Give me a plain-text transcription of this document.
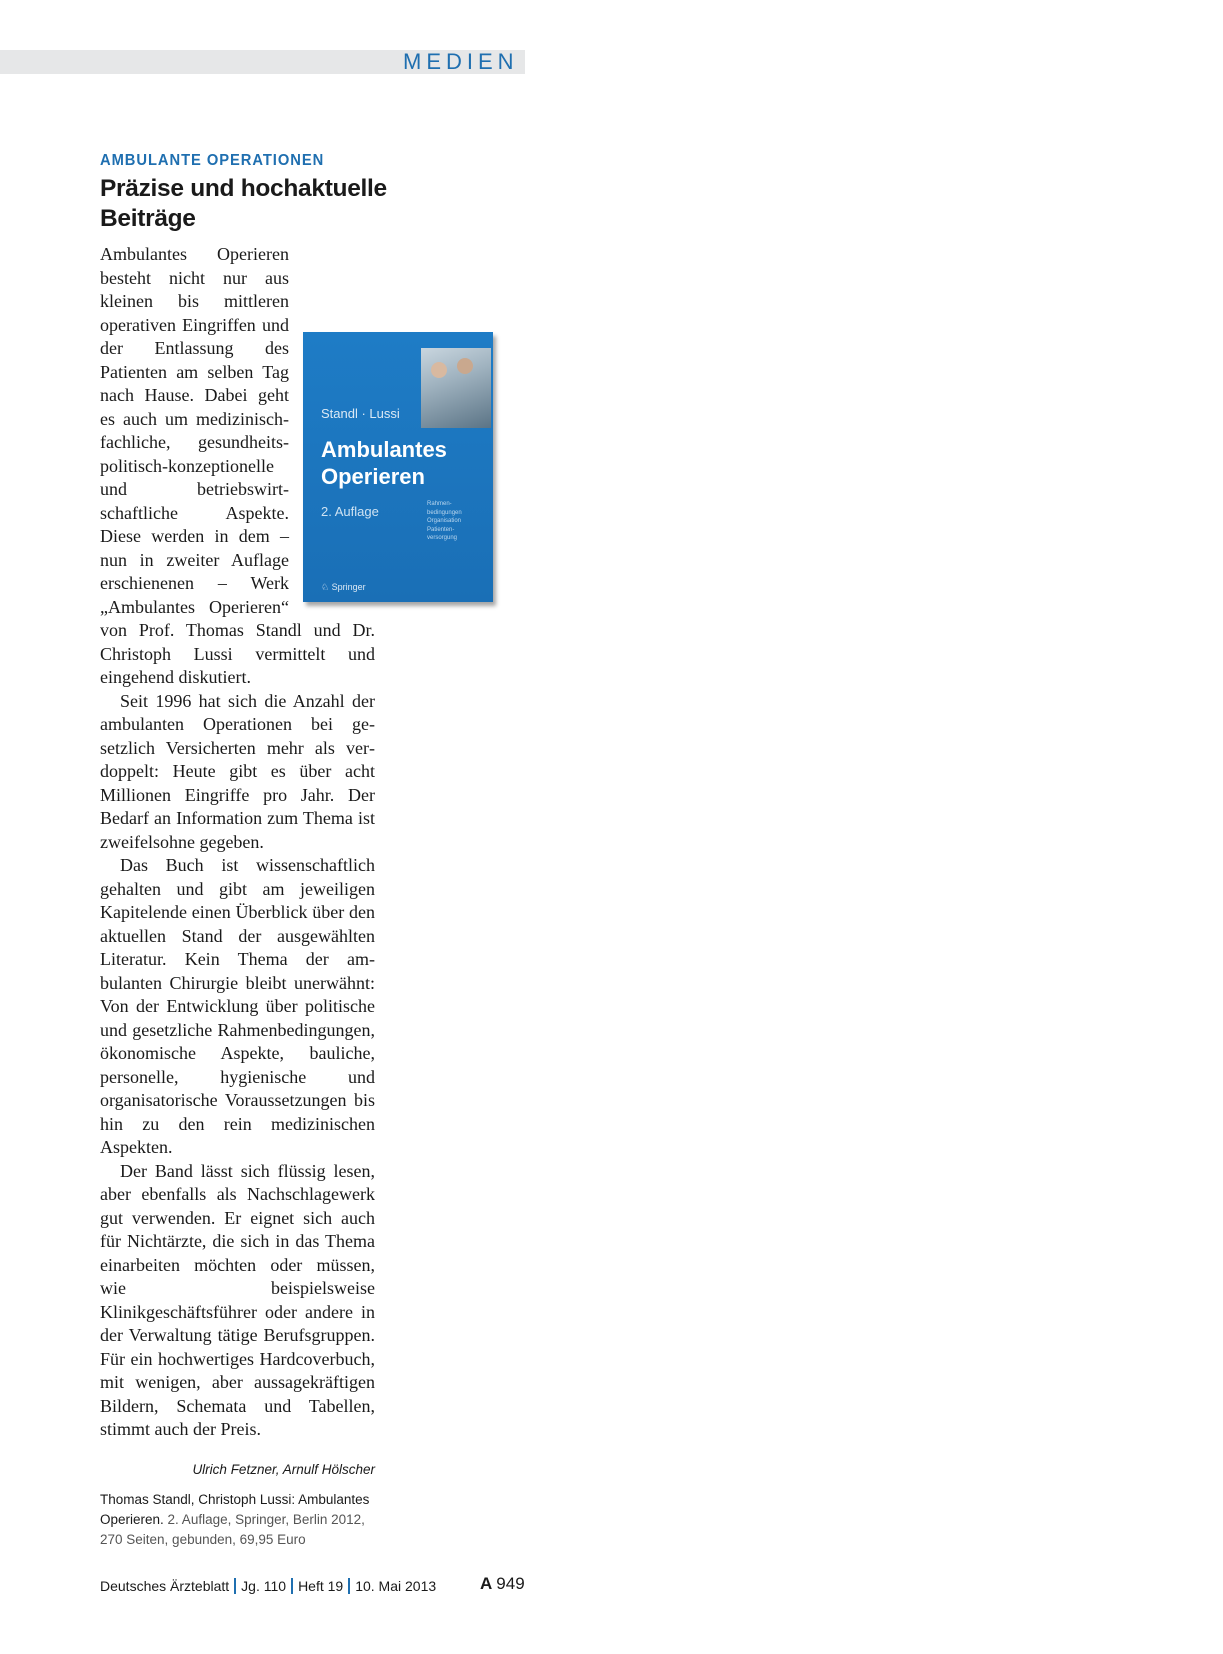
MEDIEN
AMBULANTE OPERATIONEN
Präzise und hochaktuelle Beiträge
Standl · Lussi
Ambulantes
Operieren
2. Auflage	Rahmen-
bedingungen
Organisation
Patienten-
versorgung
♘ Springer

Ambulantes Operieren besteht nicht nur aus kleinen bis mittleren operativen Eingriffen und der Entlassung des Patienten am selben Tag nach Hause. Dabei geht es auch um medizinisch-fachliche, gesundheitspolitisch-konzeptionelle und betriebswirtschaftliche Aspekte. Diese werden in dem – nun in zweiter Auflage erschienenen – Werk „Ambulantes Operieren“ von Prof. Thomas Standl und Dr. Christoph Lussi vermittelt und eingehend diskutiert.

Seit 1996 hat sich die Anzahl der ambulanten Operationen bei gesetzlich Versicherten mehr als verdoppelt: Heute gibt es über acht Millionen Eingriffe pro Jahr. Der Bedarf an Information zum Thema ist zweifelsohne gegeben.

Das Buch ist wissenschaftlich gehalten und gibt am jeweiligen Kapitelende einen Überblick über den aktuellen Stand der ausgewählten Literatur. Kein Thema der ambulanten Chirurgie bleibt unerwähnt: Von der Entwicklung über politische und gesetzliche Rahmenbedingungen, ökonomische Aspekte, bauliche, personelle, hygienische und organisatorische Voraussetzungen bis hin zu den rein medizinischen Aspekten.

Der Band lässt sich flüssig lesen, aber ebenfalls als Nachschlagewerk gut verwenden. Er eignet sich auch für Nichtärzte, die sich in das Thema einarbeiten möchten oder müssen, wie beispielsweise Klinikgeschäftsführer oder andere in der Verwaltung tätige Berufsgruppen. Für ein hochwertiges Hardcoverbuch, mit wenigen, aber aussagekräftigen Bildern, Schemata und Tabellen, stimmt auch der Preis.

Ulrich Fetzner, Arnulf Hölscher
Thomas Standl, Christoph Lussi: Ambulantes Operieren. 2. Auflage, Springer, Berlin 2012, 270 Seiten, gebunden, 69,95 Euro
Deutsches Ärzteblatt Jg. 110 Heft 19 10. Mai 2013	A 949
